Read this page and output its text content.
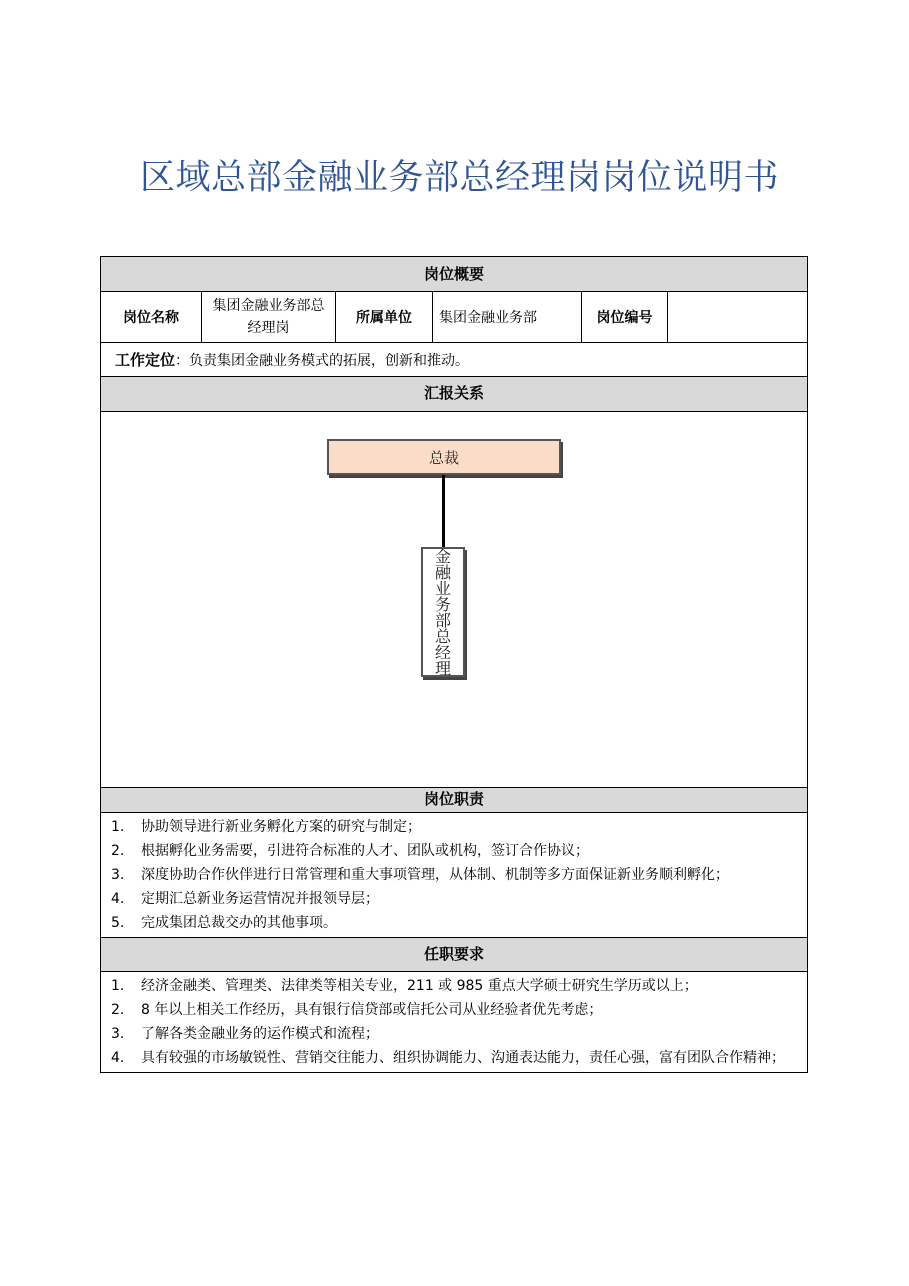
区域总部金融业务部总经理岗岗位说明书
岗位概要
岗位名称	集团金融业务部总经理岗	所属单位	集团金融业务部	岗位编号	
工作定位：负责集团金融业务模式的拓展，创新和推动。
汇报关系
总裁
金
融
业
务
部
总
经
理
岗位职责
1. 协助领导进行新业务孵化方案的研究与制定；
2. 根据孵化业务需要，引进符合标准的人才、团队或机构，签订合作协议；
3. 深度协助合作伙伴进行日常管理和重大事项管理，从体制、机制等多方面保证新业务顺利孵化；
4. 定期汇总新业务运营情况并报领导层；
5. 完成集团总裁交办的其他事项。
任职要求
1. 经济金融类、管理类、法律类等相关专业，211 或 985 重点大学硕士研究生学历或以上；
2. 8 年以上相关工作经历，具有银行信贷部或信托公司从业经验者优先考虑；
3. 了解各类金融业务的运作模式和流程；
4. 具有较强的市场敏锐性、营销交往能力、组织协调能力、沟通表达能力，责任心强，富有团队合作精神；
